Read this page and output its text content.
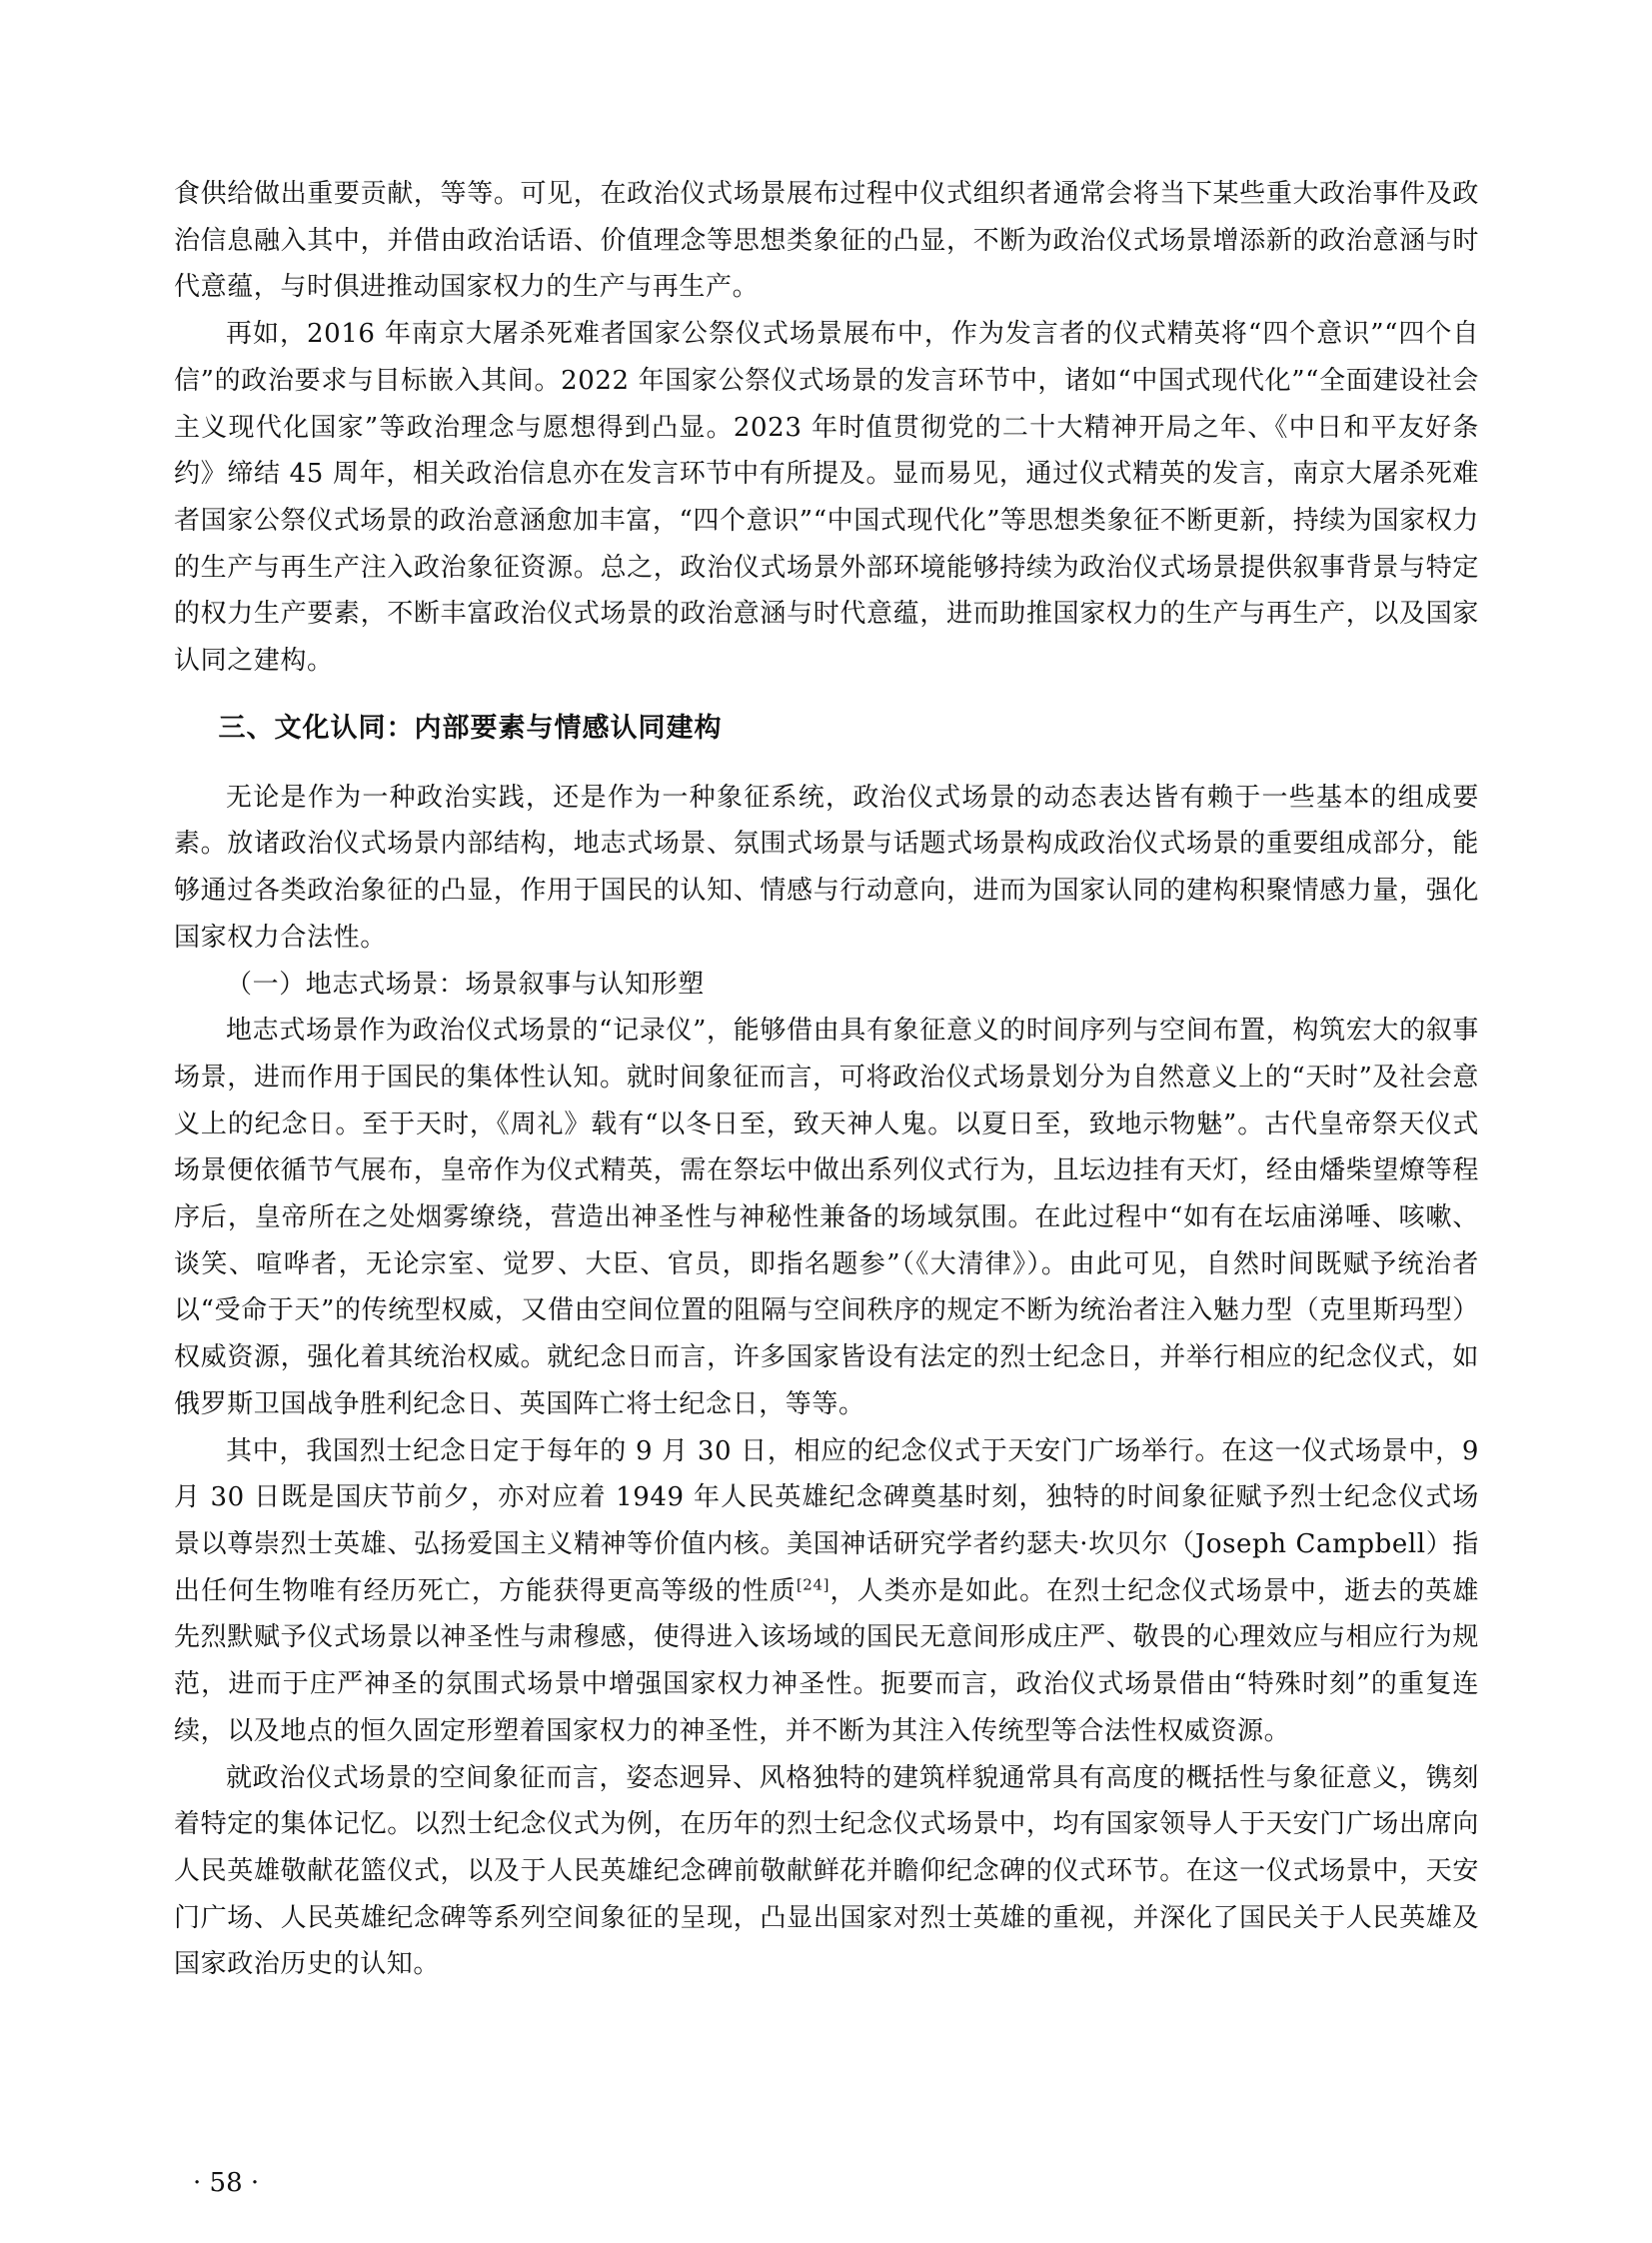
食供给做出重要贡献，等等。可见，在政治仪式场景展布过程中仪式组织者通常会将当下某些重大政治事件及政治信息融入其中，并借由政治话语、价值理念等思想类象征的凸显，不断为政治仪式场景增添新的政治意涵与时代意蕴，与时俱进推动国家权力的生产与再生产。

再如，2016 年南京大屠杀死难者国家公祭仪式场景展布中，作为发言者的仪式精英将“四个意识”“四个自信”的政治要求与目标嵌入其间。2022 年国家公祭仪式场景的发言环节中，诸如“中国式现代化”“全面建设社会主义现代化国家”等政治理念与愿想得到凸显。2023 年时值贯彻党的二十大精神开局之年、《中日和平友好条约》缔结 45 周年，相关政治信息亦在发言环节中有所提及。显而易见，通过仪式精英的发言，南京大屠杀死难者国家公祭仪式场景的政治意涵愈加丰富，“四个意识”“中国式现代化”等思想类象征不断更新，持续为国家权力的生产与再生产注入政治象征资源。总之，政治仪式场景外部环境能够持续为政治仪式场景提供叙事背景与特定的权力生产要素，不断丰富政治仪式场景的政治意涵与时代意蕴，进而助推国家权力的生产与再生产，以及国家认同之建构。

三、文化认同：内部要素与情感认同建构

无论是作为一种政治实践，还是作为一种象征系统，政治仪式场景的动态表达皆有赖于一些基本的组成要素。放诸政治仪式场景内部结构，地志式场景、氛围式场景与话题式场景构成政治仪式场景的重要组成部分，能够通过各类政治象征的凸显，作用于国民的认知、情感与行动意向，进而为国家认同的建构积聚情感力量，强化国家权力合法性。

（一）地志式场景：场景叙事与认知形塑

地志式场景作为政治仪式场景的“记录仪”，能够借由具有象征意义的时间序列与空间布置，构筑宏大的叙事场景，进而作用于国民的集体性认知。就时间象征而言，可将政治仪式场景划分为自然意义上的“天时”及社会意义上的纪念日。至于天时，《周礼》载有“以冬日至，致天神人鬼。以夏日至，致地示物魅”。古代皇帝祭天仪式场景便依循节气展布，皇帝作为仪式精英，需在祭坛中做出系列仪式行为，且坛边挂有天灯，经由燔柴望燎等程序后，皇帝所在之处烟雾缭绕，营造出神圣性与神秘性兼备的场域氛围。在此过程中“如有在坛庙涕唾、咳嗽、谈笑、喧哗者，无论宗室、觉罗、大臣、官员，即指名题参”（《大清律》）。由此可见，自然时间既赋予统治者以“受命于天”的传统型权威，又借由空间位置的阻隔与空间秩序的规定不断为统治者注入魅力型（克里斯玛型）权威资源，强化着其统治权威。就纪念日而言，许多国家皆设有法定的烈士纪念日，并举行相应的纪念仪式，如俄罗斯卫国战争胜利纪念日、英国阵亡将士纪念日，等等。

其中，我国烈士纪念日定于每年的 9 月 30 日，相应的纪念仪式于天安门广场举行。在这一仪式场景中，9 月 30 日既是国庆节前夕，亦对应着 1949 年人民英雄纪念碑奠基时刻，独特的时间象征赋予烈士纪念仪式场景以尊崇烈士英雄、弘扬爱国主义精神等价值内核。美国神话研究学者约瑟夫·坎贝尔（Joseph Campbell）指出任何生物唯有经历死亡，方能获得更高等级的性质[24]，人类亦是如此。在烈士纪念仪式场景中，逝去的英雄先烈默赋予仪式场景以神圣性与肃穆感，使得进入该场域的国民无意间形成庄严、敬畏的心理效应与相应行为规范，进而于庄严神圣的氛围式场景中增强国家权力神圣性。扼要而言，政治仪式场景借由“特殊时刻”的重复连续，以及地点的恒久固定形塑着国家权力的神圣性，并不断为其注入传统型等合法性权威资源。

就政治仪式场景的空间象征而言，姿态迥异、风格独特的建筑样貌通常具有高度的概括性与象征意义，镌刻着特定的集体记忆。以烈士纪念仪式为例，在历年的烈士纪念仪式场景中，均有国家领导人于天安门广场出席向人民英雄敬献花篮仪式，以及于人民英雄纪念碑前敬献鲜花并瞻仰纪念碑的仪式环节。在这一仪式场景中，天安门广场、人民英雄纪念碑等系列空间象征的呈现，凸显出国家对烈士英雄的重视，并深化了国民关于人民英雄及国家政治历史的认知。

· 58 ·
